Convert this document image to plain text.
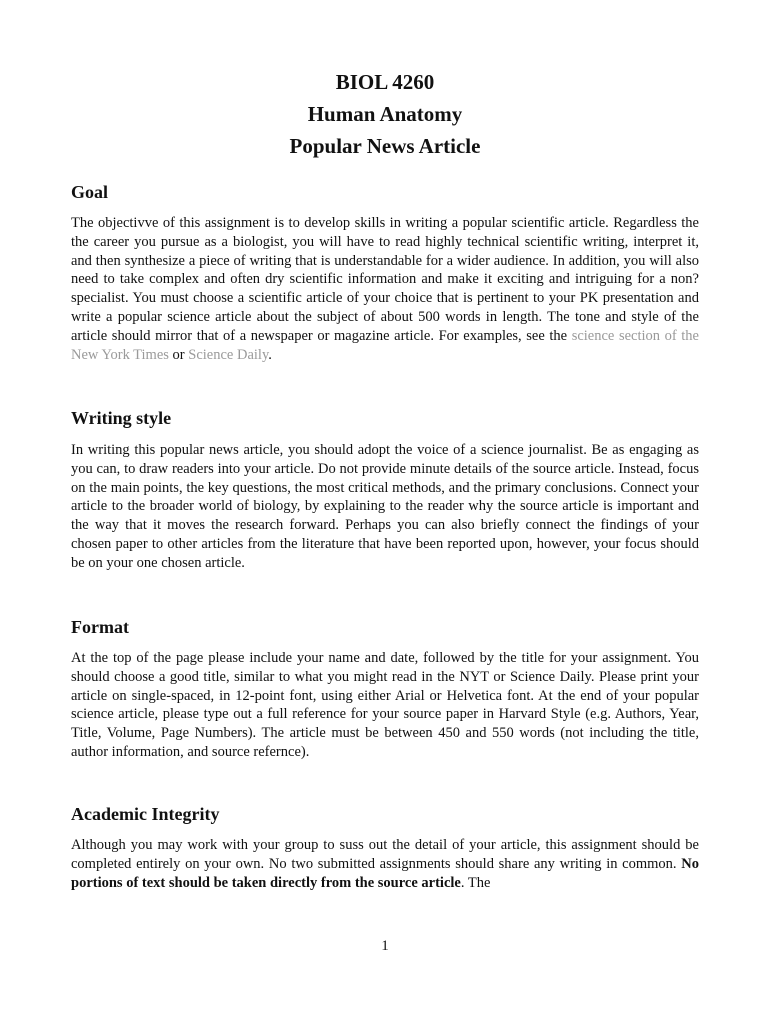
BIOL 4260
Human Anatomy
Popular News Article
Goal

The objectivve of this assignment is to develop skills in writing a popular scientific article. Regardless the the career you pursue as a biologist, you will have to read highly technical scientific writing, interpret it, and then synthesize a piece of writing that is understandable for a wider audience. In addition, you will also need to take complex and often dry scientific information and make it exciting and intriguing for a non?specialist. You must choose a scientific article of your choice that is pertinent to your PK presentation and write a popular science article about the subject of about 500 words in length. The tone and style of the article should mirror that of a newspaper or magazine article. For examples, see the science section of the New York Times or Science Daily.

Writing style

In writing this popular news article, you should adopt the voice of a science journalist. Be as engaging as you can, to draw readers into your article. Do not provide minute details of the source article. Instead, focus on the main points, the key questions, the most critical methods, and the primary conclusions. Connect your article to the broader world of biology, by explaining to the reader why the source article is important and the way that it moves the research forward. Perhaps you can also briefly connect the findings of your chosen paper to other articles from the literature that have been reported upon, however, your focus should be on your one chosen article.

Format

At the top of the page please include your name and date, followed by the title for your assignment. You should choose a good title, similar to what you might read in the NYT or Science Daily. Please print your article on single-spaced, in 12-point font, using either Arial or Helvetica font. At the end of your popular science article, please type out a full reference for your source paper in Harvard Style (e.g. Authors, Year, Title, Volume, Page Numbers). The article must be between 450 and 550 words (not including the title, author information, and source refernce).

Academic Integrity

Although you may work with your group to suss out the detail of your article, this assignment should be completed entirely on your own. No two submitted assignments should share any writing in common. No portions of text should be taken directly from the source article. The

1
